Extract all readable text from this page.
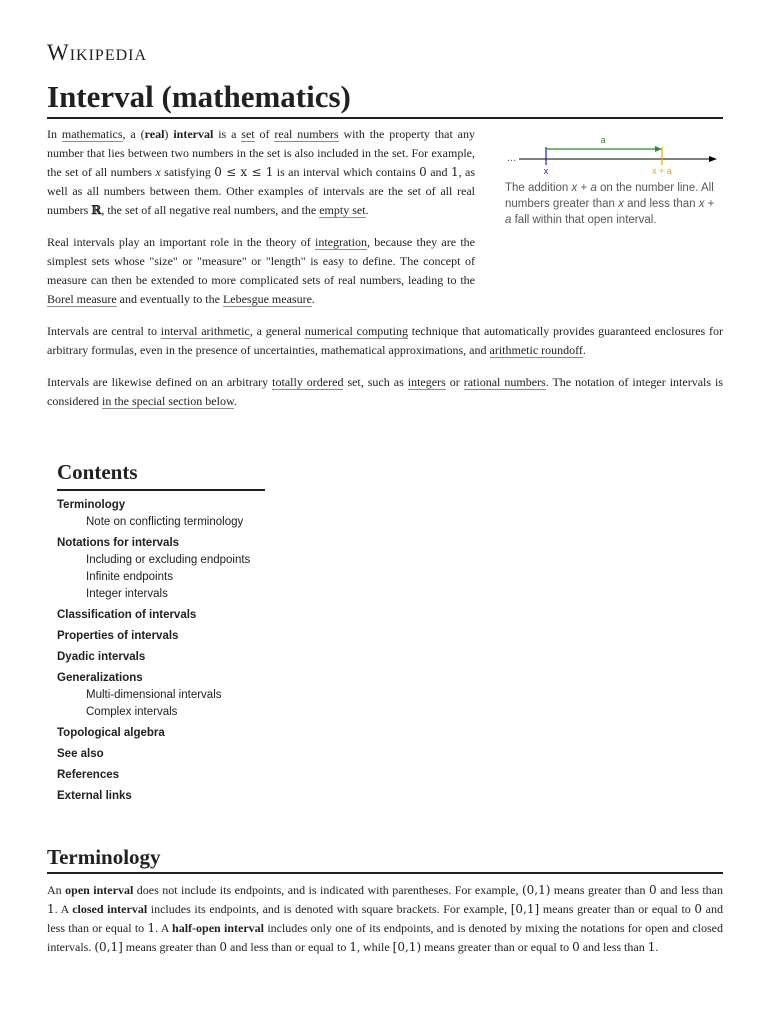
Wikipedia
Interval (mathematics)

In mathematics, a (real) interval is a set of real numbers with the property that any number that lies between two numbers in the set is also included in the set. For example, the set of all numbers x satisfying 0 ≤ x ≤ 1 is an interval which contains 0 and 1, as well as all numbers between them. Other examples of intervals are the set of all real numbers ℝ, the set of all negative real numbers, and the empty set.

Real intervals play an important role in the theory of integration, because they are the simplest sets whose "size" or "measure" or "length" is easy to define. The concept of measure can then be extended to more complicated sets of real numbers, leading to the Borel measure and eventually to the Lebesgue measure.

Intervals are central to interval arithmetic, a general numerical computing technique that automatically provides guaranteed enclosures for arbitrary formulas, even in the presence of uncertainties, mathematical approximations, and arithmetic roundoff.

Intervals are likewise defined on an arbitrary totally ordered set, such as integers or rational numbers. The notation of integer intervals is considered in the special section below.

...
a
x	x + a
The addition x + a on the number line. All numbers greater than x and less than x + a fall within that open interval.
Contents
Terminology
Note on conflicting terminology
Notations for intervals
Including or excluding endpoints
Infinite endpoints
Integer intervals
Classification of intervals
Properties of intervals
Dyadic intervals
Generalizations
Multi-dimensional intervals
Complex intervals
Topological algebra
See also
References
External links
Terminology

An open interval does not include its endpoints, and is indicated with parentheses. For example, (0,1) means greater than 0 and less than 1. A closed interval includes its endpoints, and is denoted with square brackets. For example, [0,1] means greater than or equal to 0 and less than or equal to 1. A half-open interval includes only one of its endpoints, and is denoted by mixing the notations for open and closed intervals. (0,1] means greater than 0 and less than or equal to 1, while [0,1) means greater than or equal to 0 and less than 1.
